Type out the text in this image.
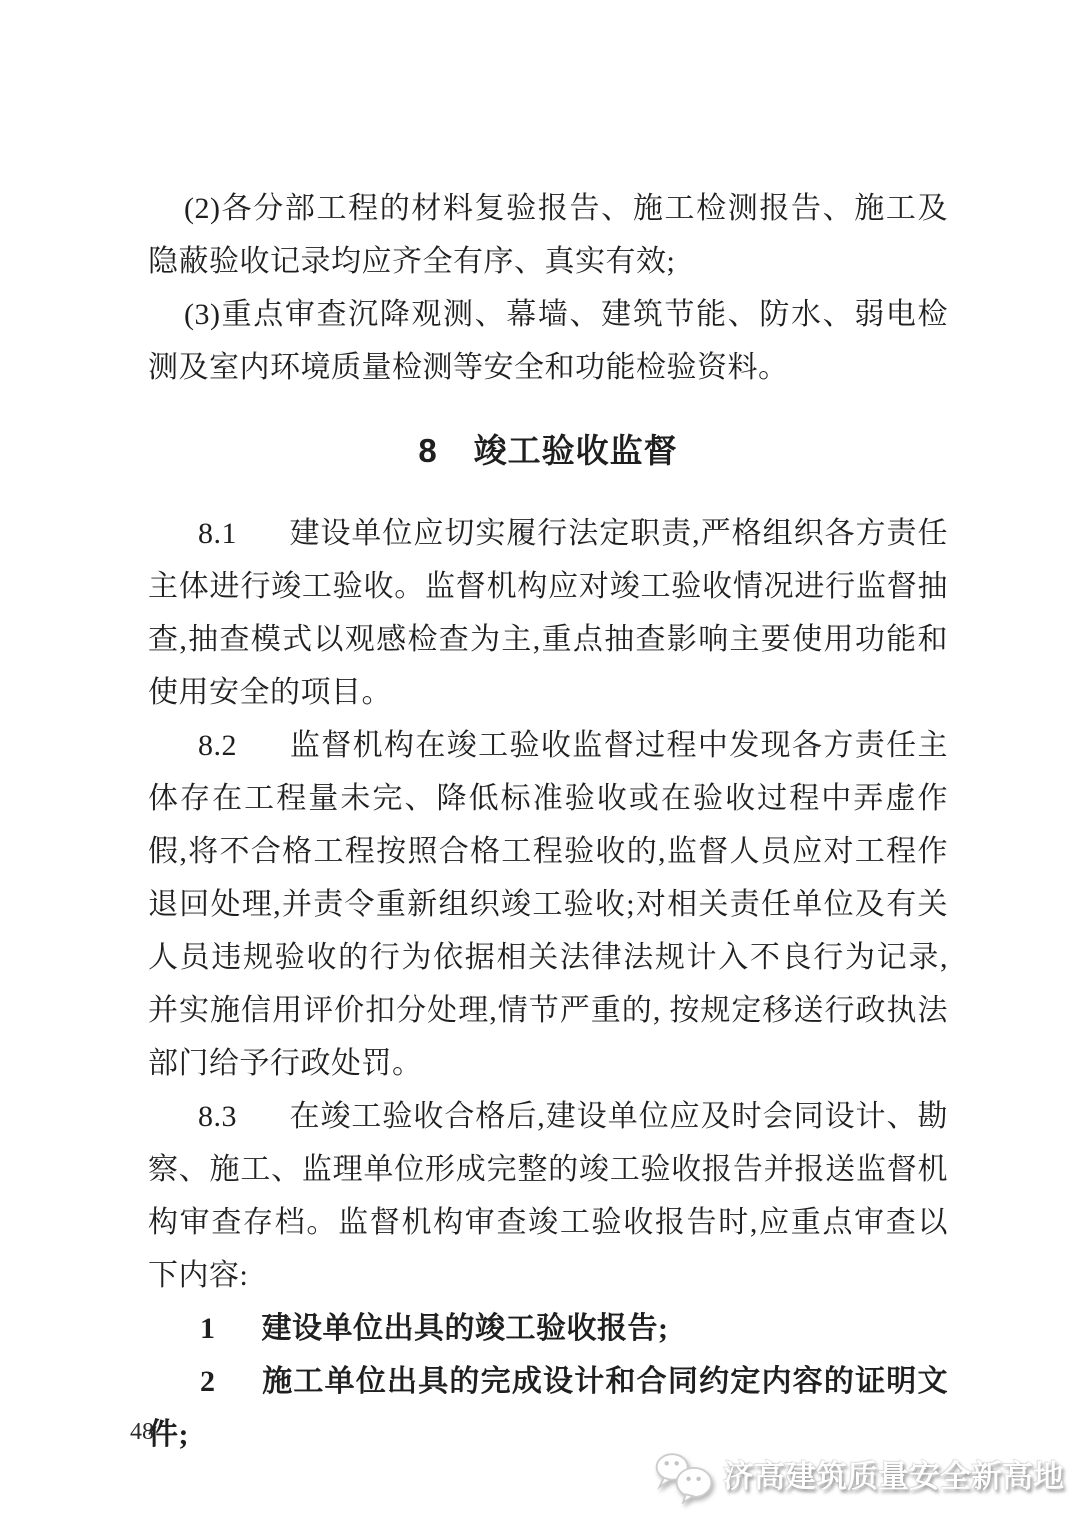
(2)各分部工程的材料复验报告、施工检测报告、施工及隐蔽验收记录均应齐全有序、真实有效;

(3)重点审查沉降观测、幕墙、建筑节能、防水、弱电检测及室内环境质量检测等安全和功能检验资料。

8 竣工验收监督

8.1 建设单位应切实履行法定职责,严格组织各方责任主体进行竣工验收。监督机构应对竣工验收情况进行监督抽查,抽查模式以观感检查为主,重点抽查影响主要使用功能和使用安全的项目。

8.2 监督机构在竣工验收监督过程中发现各方责任主体存在工程量未完、降低标准验收或在验收过程中弄虚作假,将不合格工程按照合格工程验收的,监督人员应对工程作退回处理,并责令重新组织竣工验收;对相关责任单位及有关人员违规验收的行为依据相关法律法规计入不良行为记录,并实施信用评价扣分处理,情节严重的, 按规定移送行政执法部门给予行政处罚。

8.3 在竣工验收合格后,建设单位应及时会同设计、勘察、施工、监理单位形成完整的竣工验收报告并报送监督机构审查存档。监督机构审查竣工验收报告时,应重点审查以下内容:

1 建设单位出具的竣工验收报告;

2 施工单位出具的完成设计和合同约定内容的证明文件;

48
济高建筑质量安全新高地
